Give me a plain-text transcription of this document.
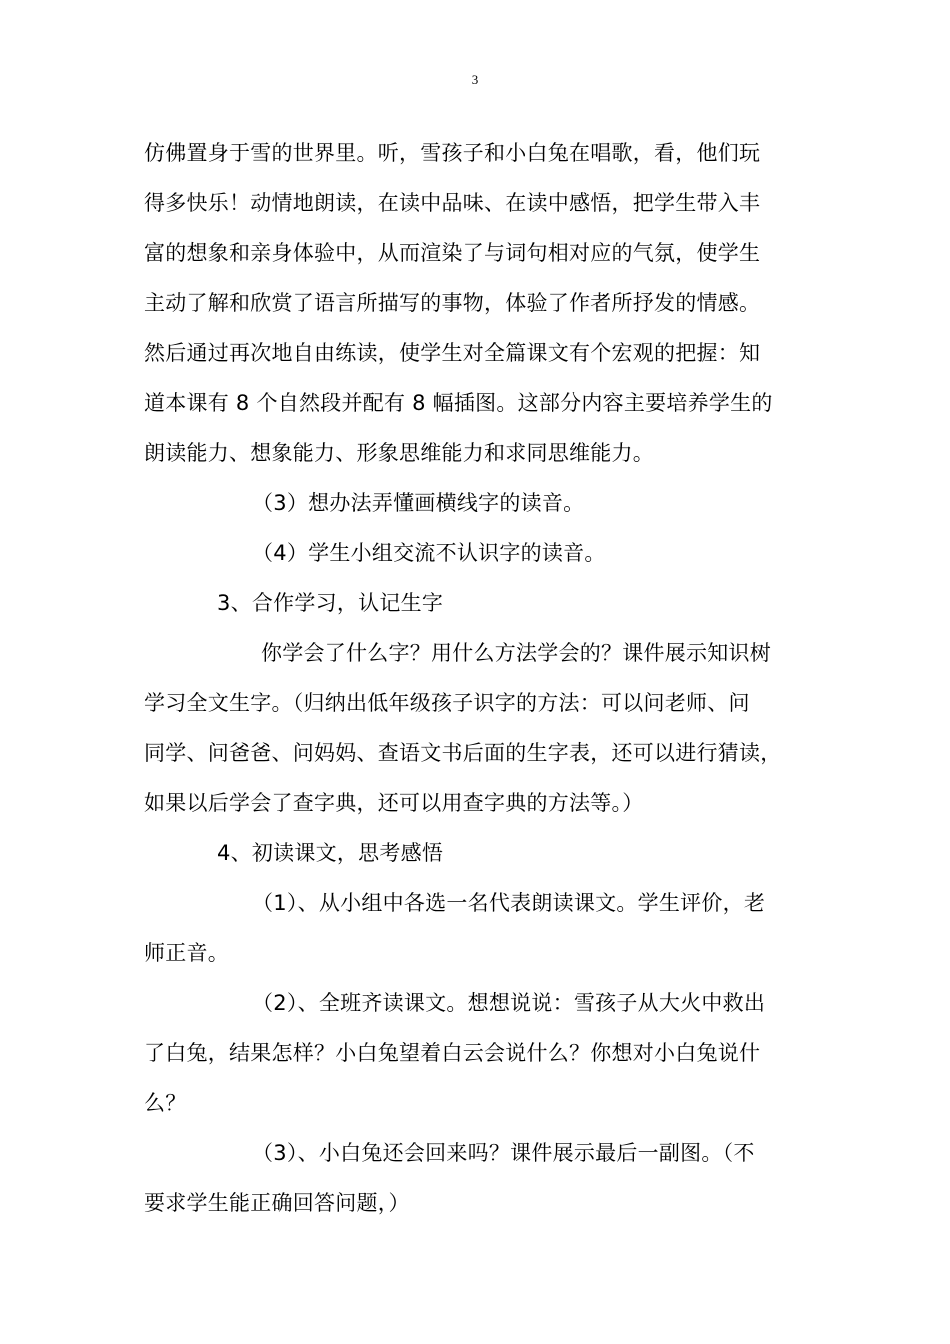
3
仿佛置身于雪的世界里。听，雪孩子和小白兔在唱歌，看，他们玩
得多快乐！动情地朗读，在读中品味、在读中感悟，把学生带入丰
富的想象和亲身体验中，从而渲染了与词句相对应的气氛，使学生
主动了解和欣赏了语言所描写的事物，体验了作者所抒发的情感。
然后通过再次地自由练读，使学生对全篇课文有个宏观的把握：知
道本课有 8 个自然段并配有 8 幅插图。这部分内容主要培养学生的
朗读能力、想象能力、形象思维能力和求同思维能力。
（3）想办法弄懂画横线字的读音。
（4）学生小组交流不认识字的读音。
3、合作学习，认记生字
你学会了什么字？用什么方法学会的？课件展示知识树
学习全文生字。（归纳出低年级孩子识字的方法：可以问老师、问
同学、问爸爸、问妈妈、查语文书后面的生字表，还可以进行猜读，
如果以后学会了查字典，还可以用查字典的方法等。）
4、初读课文，思考感悟
（1）、从小组中各选一名代表朗读课文。学生评价，老
师正音。
（2）、全班齐读课文。想想说说：雪孩子从大火中救出
了白兔，结果怎样？小白兔望着白云会说什么？你想对小白兔说什
么？
（3）、小白兔还会回来吗？课件展示最后一副图。（不
要求学生能正确回答问题，）
